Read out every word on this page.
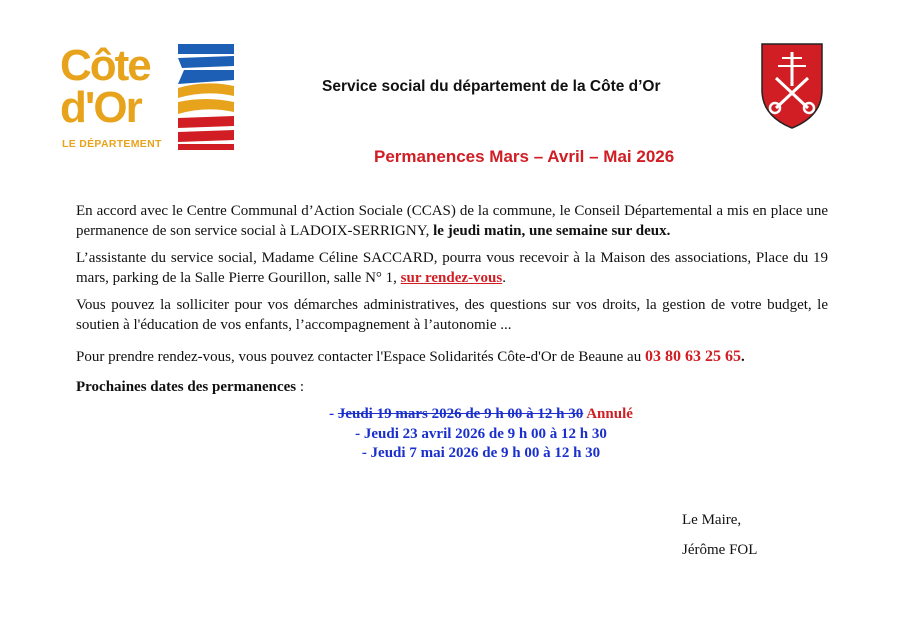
Côte
d'Or
LE DÉPARTEMENT
Service social du département de la Côte d’Or
Permanences Mars – Avril – Mai 2026
En accord avec le Centre Communal d’Action Sociale (CCAS) de la commune, le Conseil Départemental a mis en place une permanence de son service social à LADOIX-SERRIGNY, le jeudi matin, une semaine sur deux.
L’assistante du service social, Madame Céline SACCARD, pourra vous recevoir à la Maison des associations, Place du 19 mars, parking de la Salle Pierre Gourillon, salle N° 1, sur rendez-vous.
Vous pouvez la solliciter pour vos démarches administratives, des questions sur vos droits, la gestion de votre budget, le soutien à l'éducation de vos enfants, l’accompagnement à l’autonomie ...
Pour prendre rendez-vous, vous pouvez contacter l'Espace Solidarités Côte-d'Or de Beaune au 03 80 63 25 65.
Prochaines dates des permanences :
- Jeudi 19 mars 2026 de 9 h 00 à 12 h 30 Annulé
- Jeudi 23 avril 2026 de 9 h 00 à 12 h 30
- Jeudi 7 mai 2026 de 9 h 00 à 12 h 30
Le Maire,
Jérôme FOL
